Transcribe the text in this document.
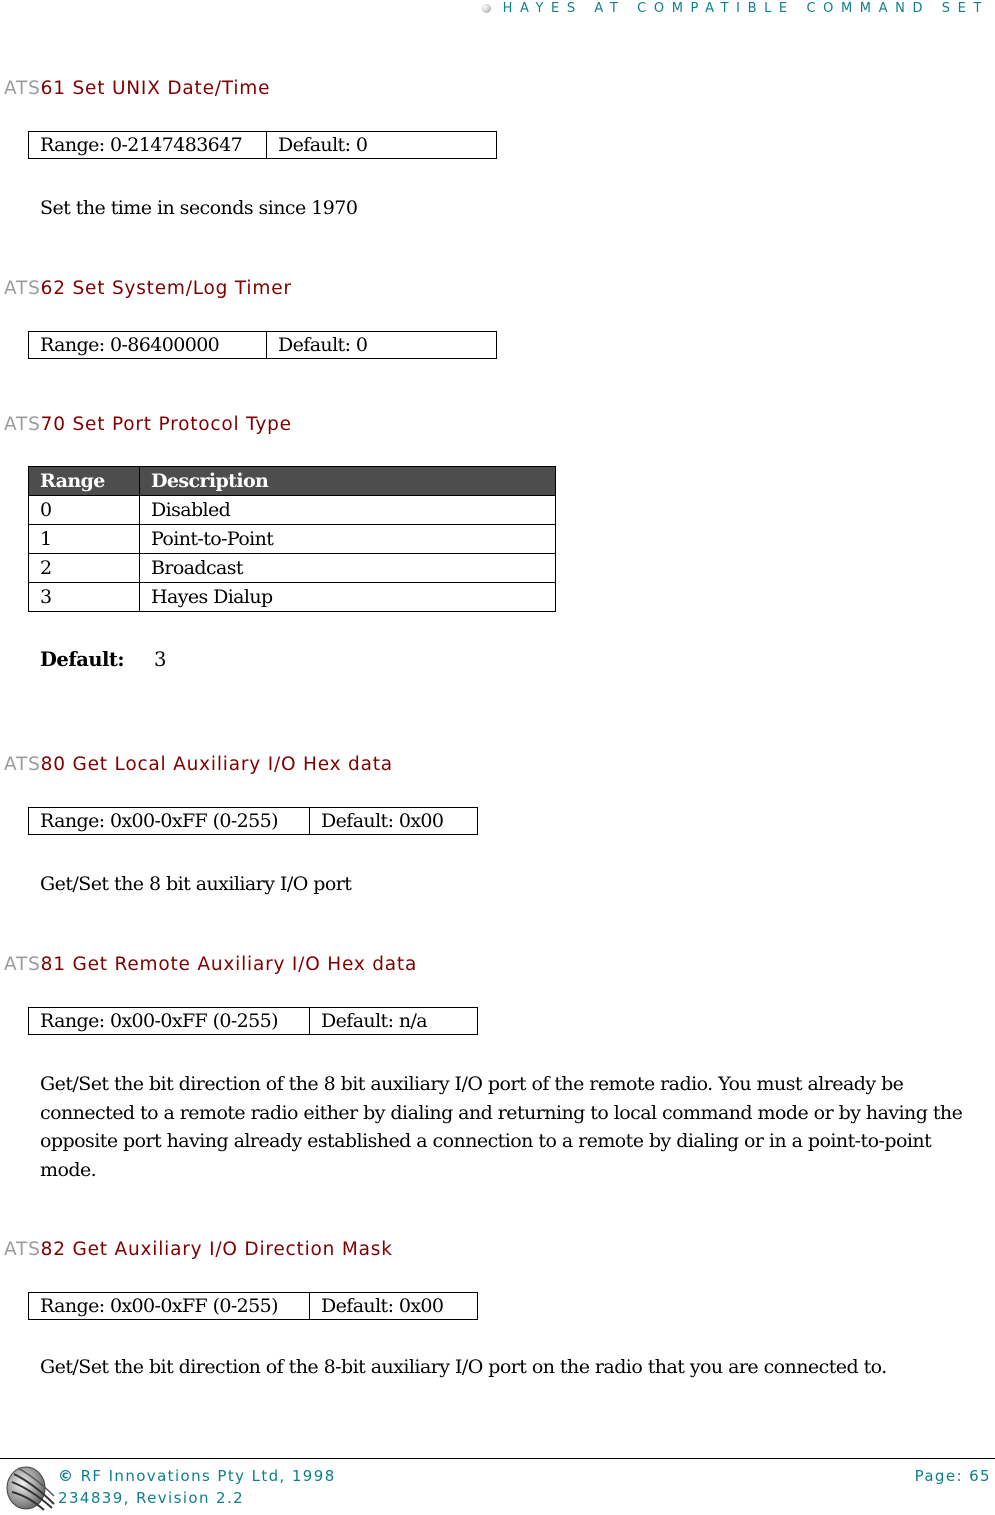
HAYES AT COMPATIBLE COMMAND SET
ATS61 Set UNIX Date/Time
Range: 0-2147483647	Default: 0
Set the time in seconds since 1970
ATS62 Set System/Log Timer
Range: 0-86400000	Default: 0
ATS70 Set Port Protocol Type
Range	Description
0	Disabled
1	Point-to-Point
2	Broadcast
3	Hayes Dialup
Default: 3
ATS80 Get Local Auxiliary I/O Hex data
Range: 0x00-0xFF (0-255)	Default: 0x00
Get/Set the 8 bit auxiliary I/O port
ATS81 Get Remote Auxiliary I/O Hex data
Range: 0x00-0xFF (0-255)	Default: n/a
Get/Set the bit direction of the 8 bit auxiliary I/O port of the remote radio. You must already be connected to a remote radio either by dialing and returning to local command mode or by having the opposite port having already established a connection to a remote by dialing or in a point-to-point mode.
ATS82 Get Auxiliary I/O Direction Mask
Range: 0x00-0xFF (0-255)	Default: 0x00
Get/Set the bit direction of the 8-bit auxiliary I/O port on the radio that you are connected to.
© RF Innovations Pty Ltd, 1998
234839, Revision 2.2
Page: 65
